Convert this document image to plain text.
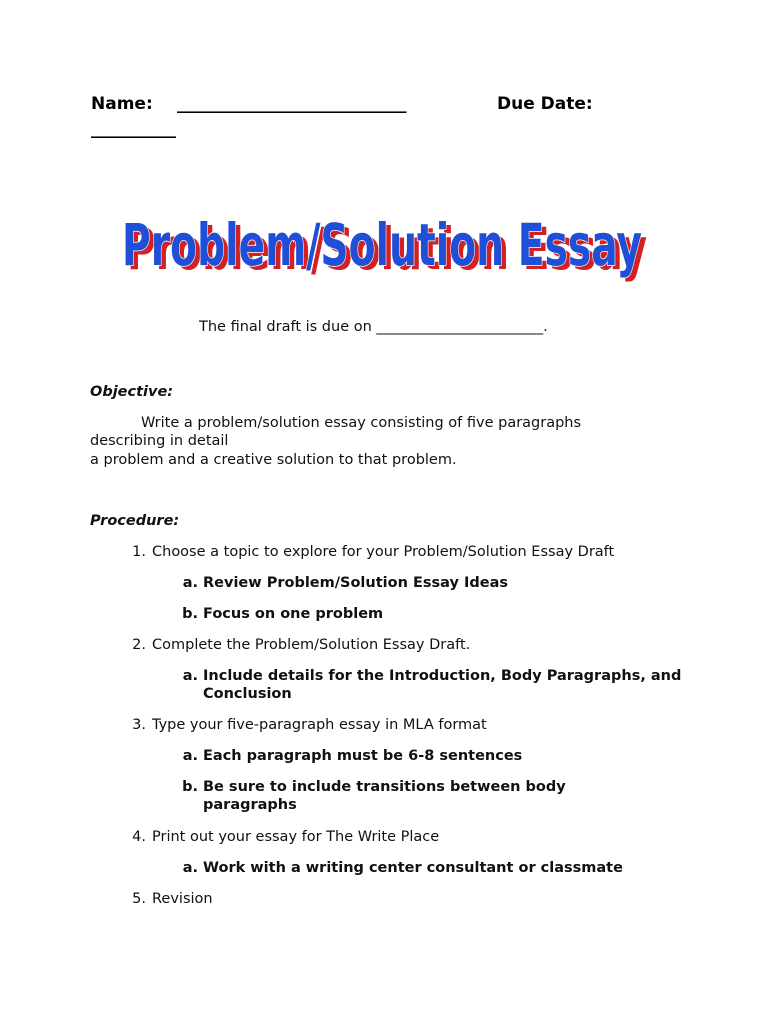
Name: ___________________________	Due Date:

__________

Problem/Solution Essay
Problem/Solution Essay

The final draft is due on _______________________.

Objective:

Write a problem/solution essay consisting of five paragraphs

describing in detail

a problem and a creative solution to that problem.

Procedure:

1. Choose a topic to explore for your Problem/Solution Essay Draft

a. Review Problem/Solution Essay Ideas

b. Focus on one problem

2. Complete the Problem/Solution Essay Draft.

a. Include details for the Introduction, Body Paragraphs, and Conclusion

3. Type your five-paragraph essay in MLA format

a. Each paragraph must be 6-8 sentences

b. Be sure to include transitions between body paragraphs

4. Print out your essay for The Write Place

a. Work with a writing center consultant or classmate

5. Revision
